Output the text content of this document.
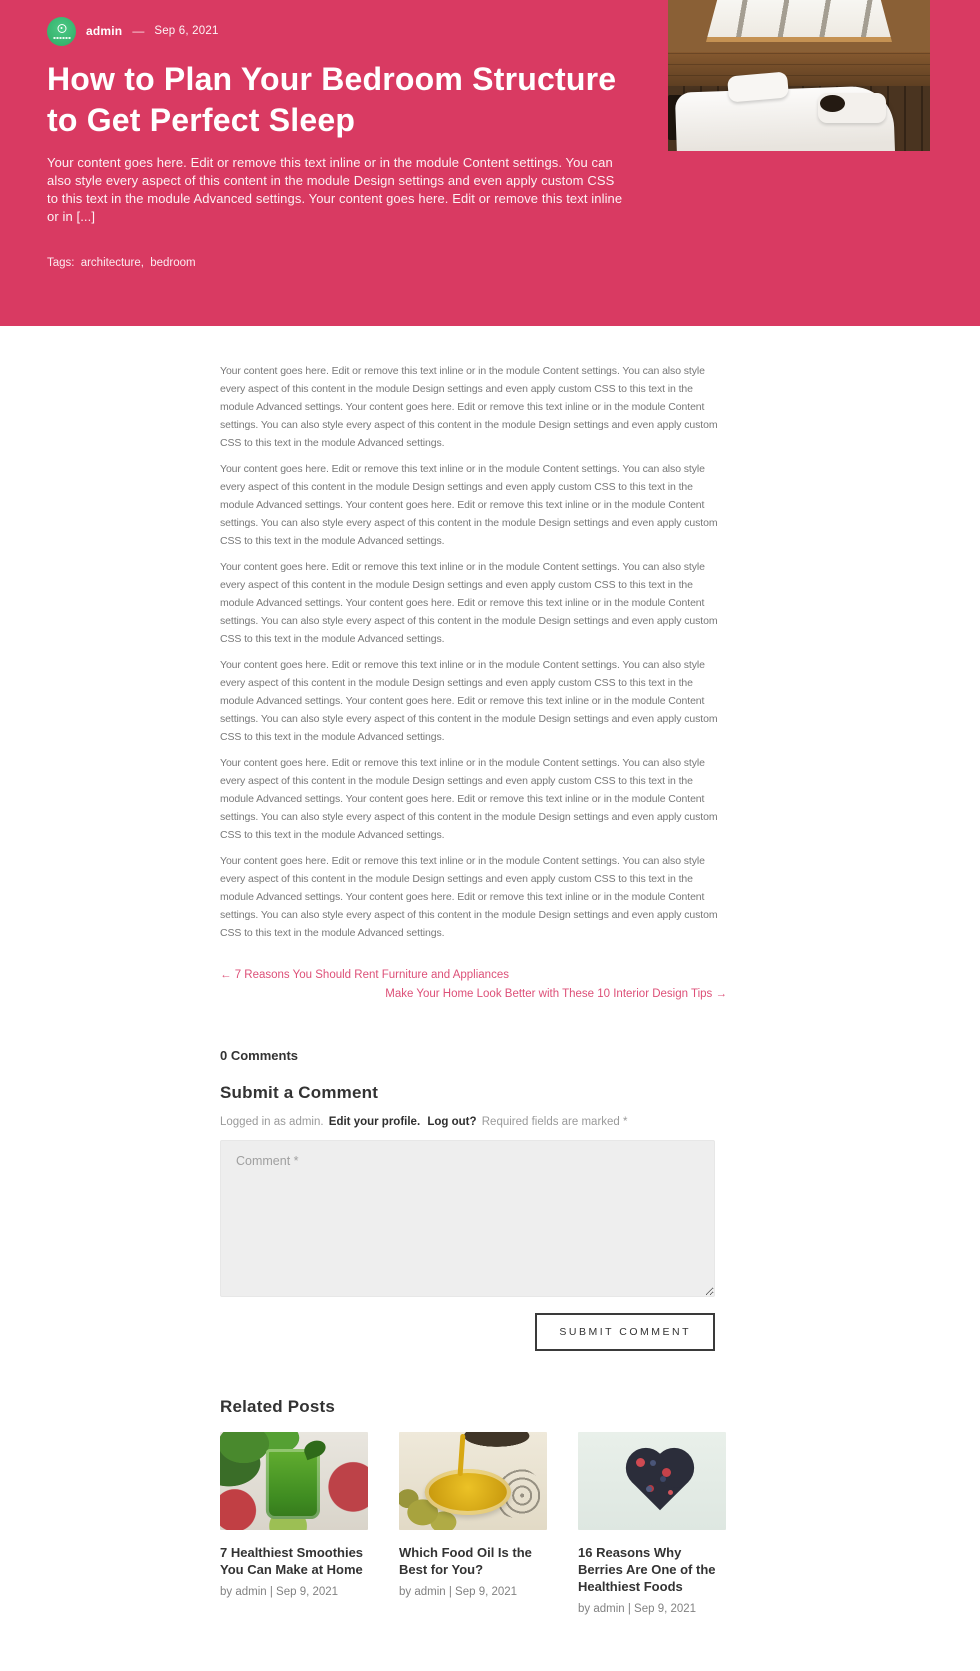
admin — Sep 6, 2021
How to Plan Your Bedroom Structure to Get Perfect Sleep

Your content goes here. Edit or remove this text inline or in the module Content settings. You can also style every aspect of this content in the module Design settings and even apply custom CSS to this text in the module Advanced settings. Your content goes here. Edit or remove this text inline or in [...]

Tags: architecture, bedroom

Your content goes here. Edit or remove this text inline or in the module Content settings. You can also style every aspect of this content in the module Design settings and even apply custom CSS to this text in the module Advanced settings. Your content goes here. Edit or remove this text inline or in the module Content settings. You can also style every aspect of this content in the module Design settings and even apply custom CSS to this text in the module Advanced settings.

Your content goes here. Edit or remove this text inline or in the module Content settings. You can also style every aspect of this content in the module Design settings and even apply custom CSS to this text in the module Advanced settings. Your content goes here. Edit or remove this text inline or in the module Content settings. You can also style every aspect of this content in the module Design settings and even apply custom CSS to this text in the module Advanced settings.

Your content goes here. Edit or remove this text inline or in the module Content settings. You can also style every aspect of this content in the module Design settings and even apply custom CSS to this text in the module Advanced settings. Your content goes here. Edit or remove this text inline or in the module Content settings. You can also style every aspect of this content in the module Design settings and even apply custom CSS to this text in the module Advanced settings.

Your content goes here. Edit or remove this text inline or in the module Content settings. You can also style every aspect of this content in the module Design settings and even apply custom CSS to this text in the module Advanced settings. Your content goes here. Edit or remove this text inline or in the module Content settings. You can also style every aspect of this content in the module Design settings and even apply custom CSS to this text in the module Advanced settings.

Your content goes here. Edit or remove this text inline or in the module Content settings. You can also style every aspect of this content in the module Design settings and even apply custom CSS to this text in the module Advanced settings. Your content goes here. Edit or remove this text inline or in the module Content settings. You can also style every aspect of this content in the module Design settings and even apply custom CSS to this text in the module Advanced settings.

Your content goes here. Edit or remove this text inline or in the module Content settings. You can also style every aspect of this content in the module Design settings and even apply custom CSS to this text in the module Advanced settings. Your content goes here. Edit or remove this text inline or in the module Content settings. You can also style every aspect of this content in the module Design settings and even apply custom CSS to this text in the module Advanced settings.

← 7 Reasons You Should Rent Furniture and Appliances
Make Your Home Look Better with These 10 Interior Design Tips →
0 Comments
Submit a Comment

Logged in as admin. Edit your profile. Log out? Required fields are marked *

Comment *
SUBMIT COMMENT
Related Posts
7 Healthiest Smoothies You Can Make at Home
by admin | Sep 9, 2021
Which Food Oil Is the Best for You?
by admin | Sep 9, 2021
16 Reasons Why Berries Are One of the Healthiest Foods
by admin | Sep 9, 2021
